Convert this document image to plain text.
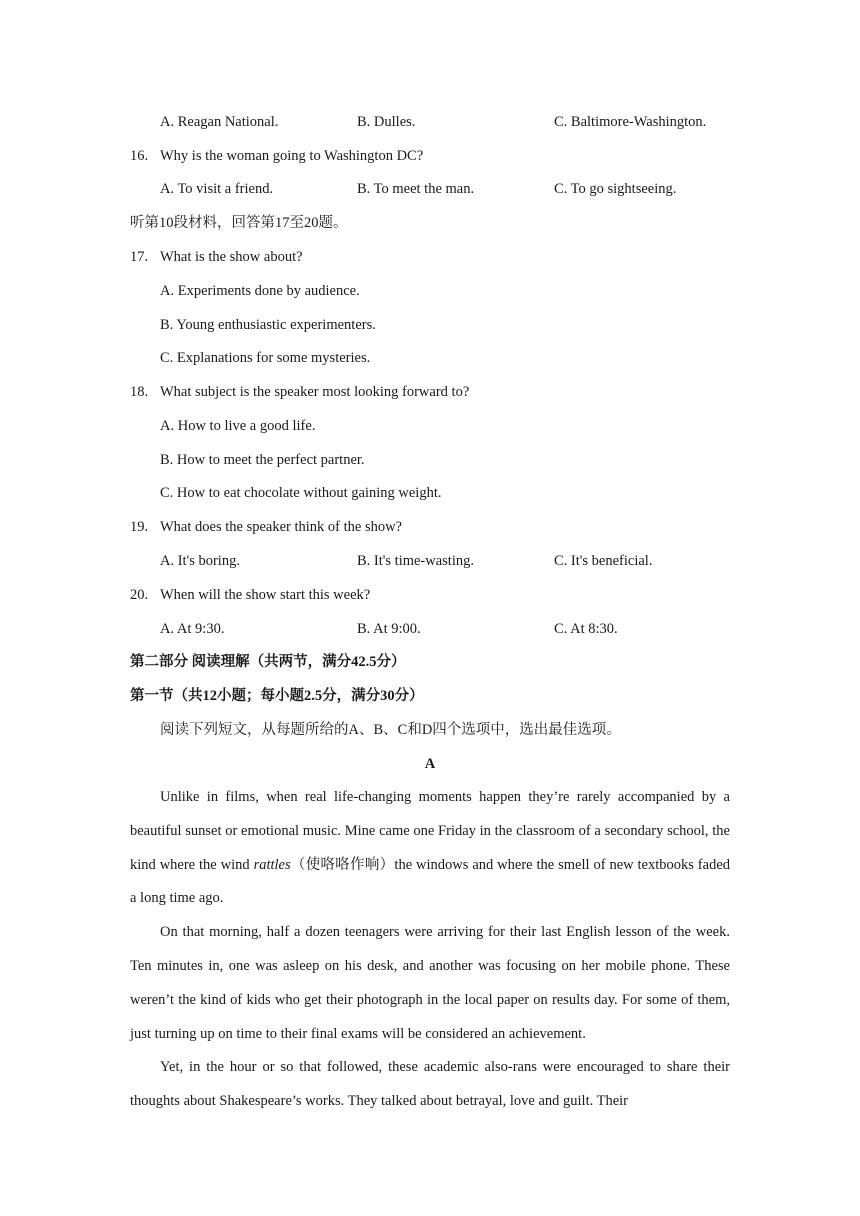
A. Reagan National.	B. Dulles.	C. Baltimore-Washington.
16. Why is the woman going to Washington DC?
A. To visit a friend.	B. To meet the man.	C. To go sightseeing.
听第10段材料，回答第17至20题。
17. What is the show about?
A. Experiments done by audience.
B. Young enthusiastic experimenters.
C. Explanations for some mysteries.
18. What subject is the speaker most looking forward to?
A. How to live a good life.
B. How to meet the perfect partner.
C. How to eat chocolate without gaining weight.
19. What does the speaker think of the show?
A. It's boring.	B. It's time-wasting.	C. It's beneficial.
20. When will the show start this week?
A. At 9:30.	B. At 9:00.	C. At 8:30.
第二部分 阅读理解（共两节，满分42.5分）
第一节（共12小题；每小题2.5分，满分30分）
阅读下列短文，从每题所给的A、B、C和D四个选项中，选出最佳选项。
A

Unlike in films, when real life-changing moments happen they’re rarely accompanied by a beautiful sunset or emotional music. Mine came one Friday in the classroom of a secondary school, the kind where the wind rattles（使咯咯作响）the windows and where the smell of new textbooks faded a long time ago.

On that morning, half a dozen teenagers were arriving for their last English lesson of the week. Ten minutes in, one was asleep on his desk, and another was focusing on her mobile phone. These weren’t the kind of kids who get their photograph in the local paper on results day. For some of them, just turning up on time to their final exams will be considered an achievement.

Yet, in the hour or so that followed, these academic also-rans were encouraged to share their thoughts about Shakespeare’s works. They talked about betrayal, love and guilt. Their
